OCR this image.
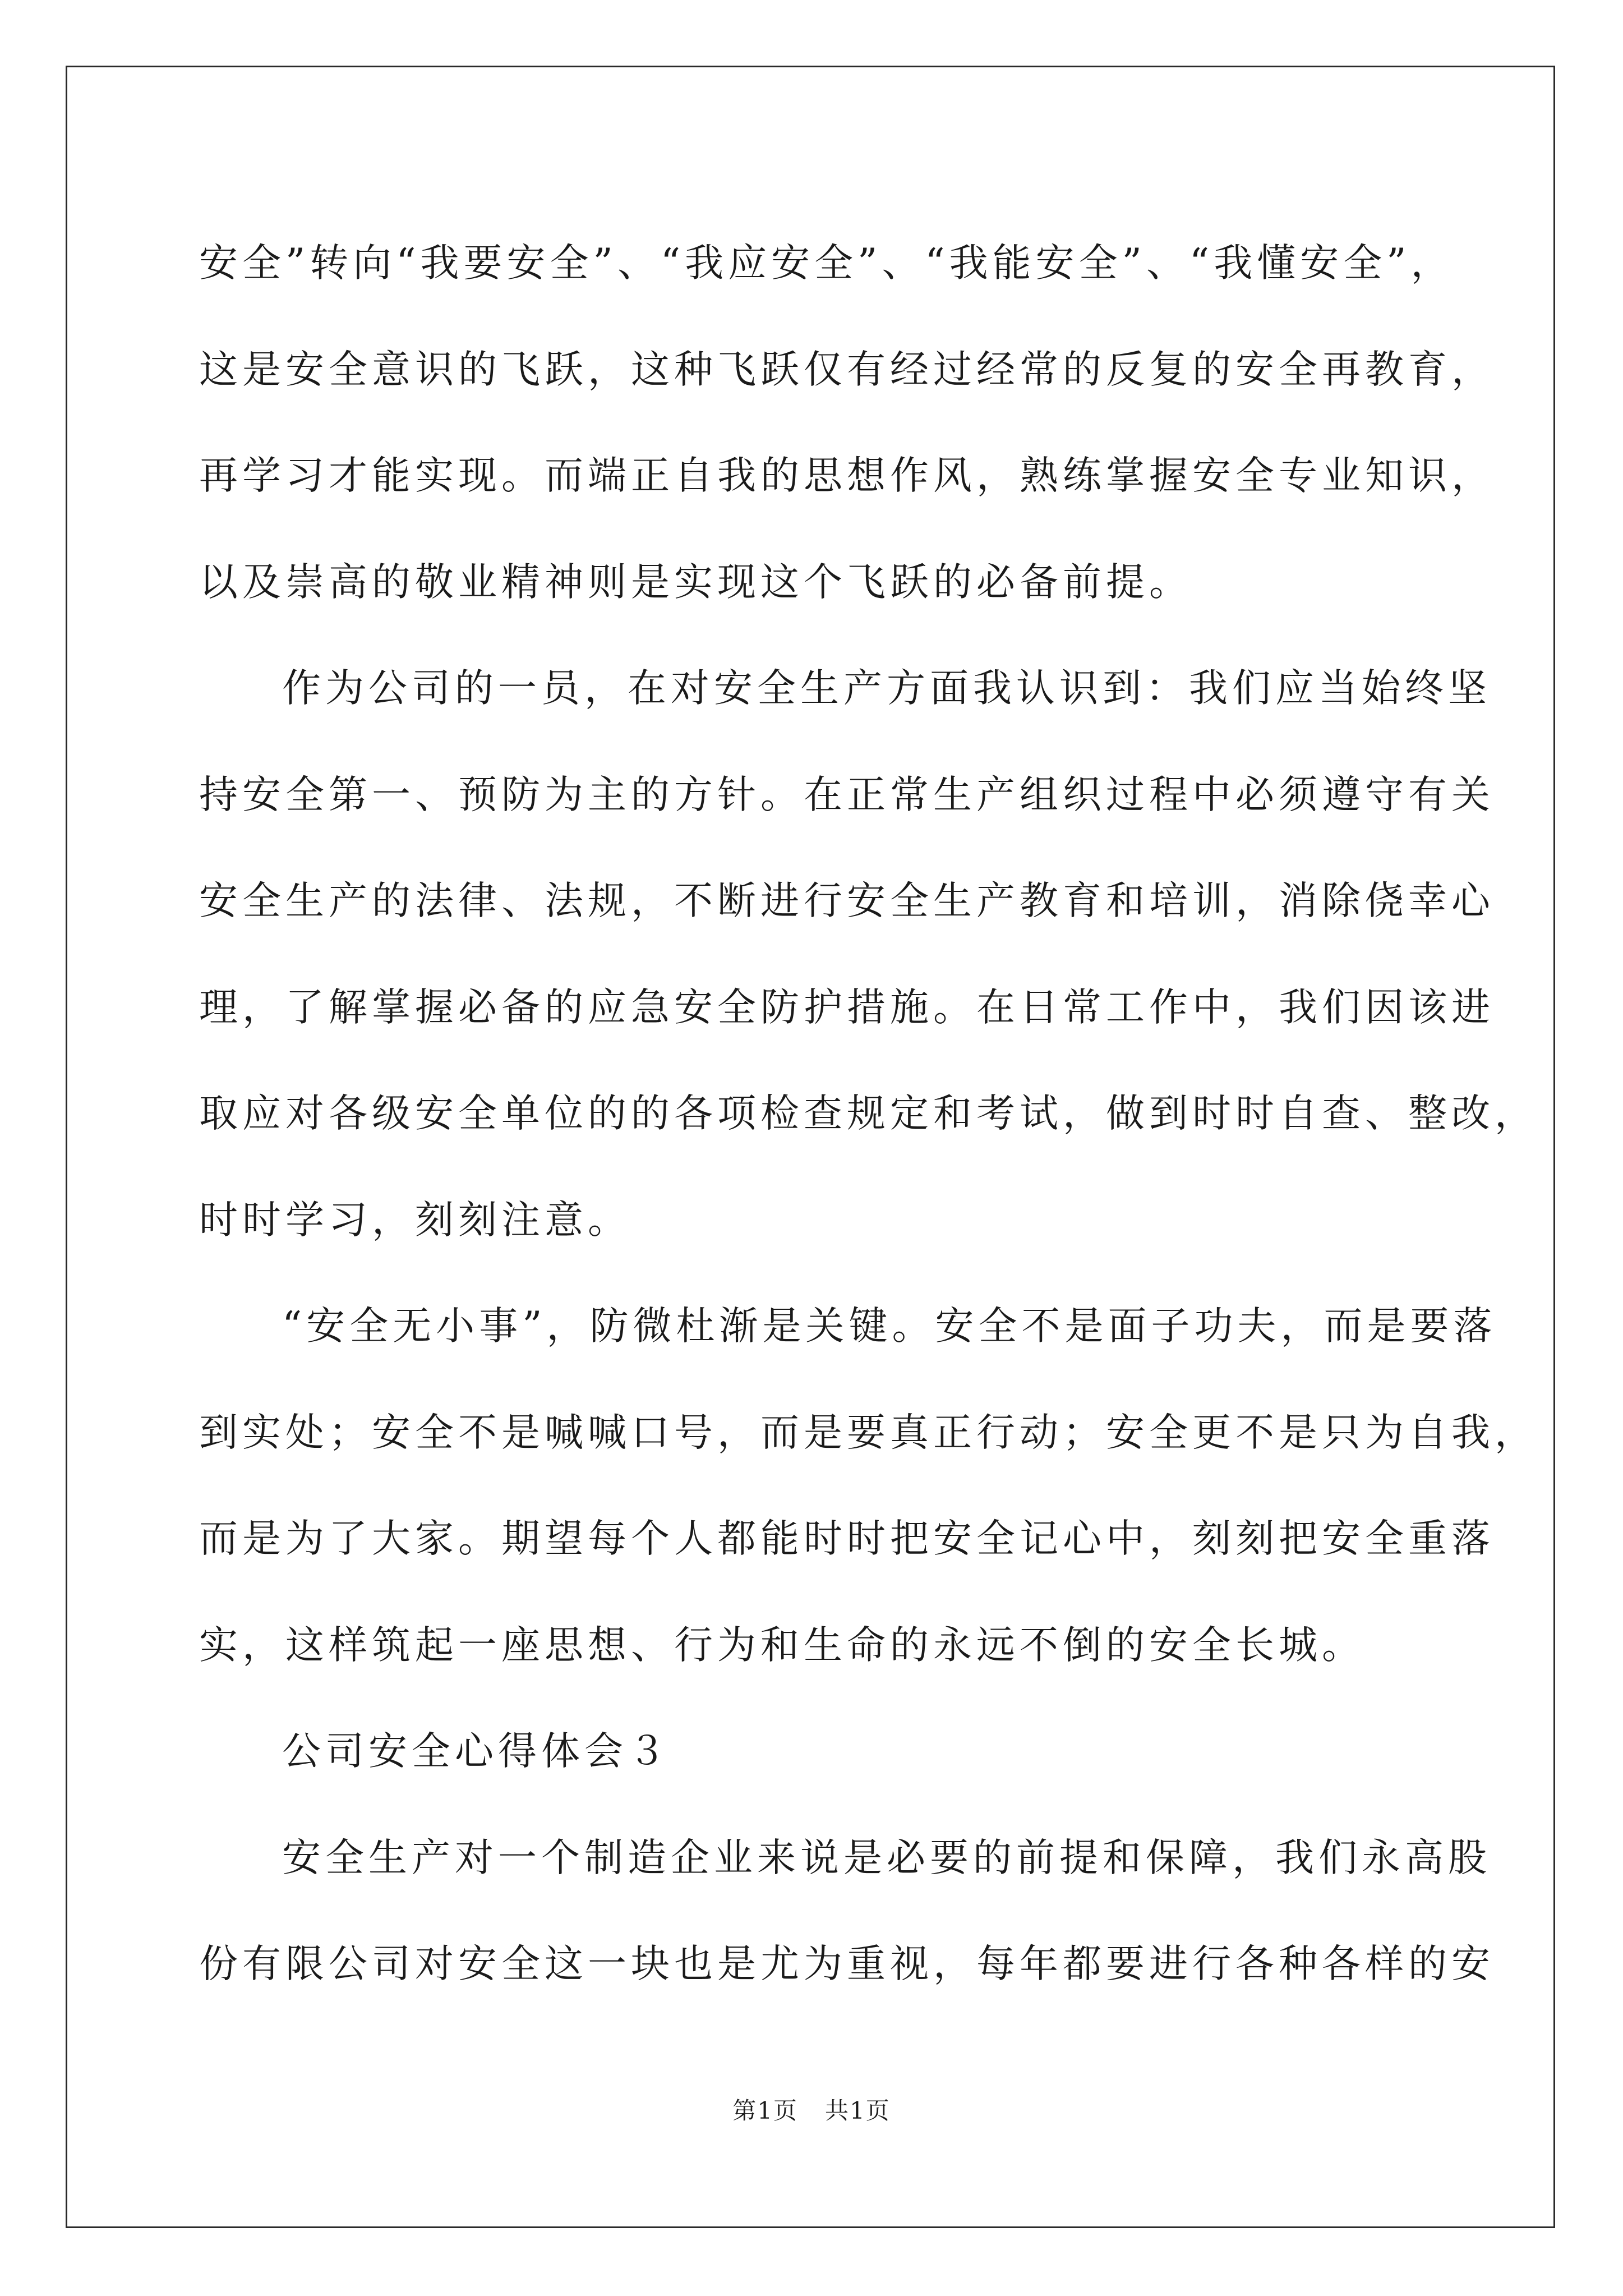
安全”转向“我要安全”、“我应安全”、“我能安全”、“我懂安全”，
这是安全意识的飞跃，这种飞跃仅有经过经常的反复的安全再教育，
再学习才能实现。而端正自我的思想作风，熟练掌握安全专业知识，
以及崇高的敬业精神则是实现这个飞跃的必备前提。
作为公司的一员，在对安全生产方面我认识到：我们应当始终坚
持安全第一、预防为主的方针。在正常生产组织过程中必须遵守有关
安全生产的法律、法规，不断进行安全生产教育和培训，消除侥幸心
理，了解掌握必备的应急安全防护措施。在日常工作中，我们因该进
取应对各级安全单位的的各项检查规定和考试，做到时时自查、整改，
时时学习，刻刻注意。
“安全无小事”，防微杜渐是关键。安全不是面子功夫，而是要落
到实处；安全不是喊喊口号，而是要真正行动；安全更不是只为自我，
而是为了大家。期望每个人都能时时把安全记心中，刻刻把安全重落
实，这样筑起一座思想、行为和生命的永远不倒的安全长城。
公司安全心得体会３
安全生产对一个制造企业来说是必要的前提和保障，我们永高股
份有限公司对安全这一块也是尤为重视，每年都要进行各种各样的安
第1页 共1页
